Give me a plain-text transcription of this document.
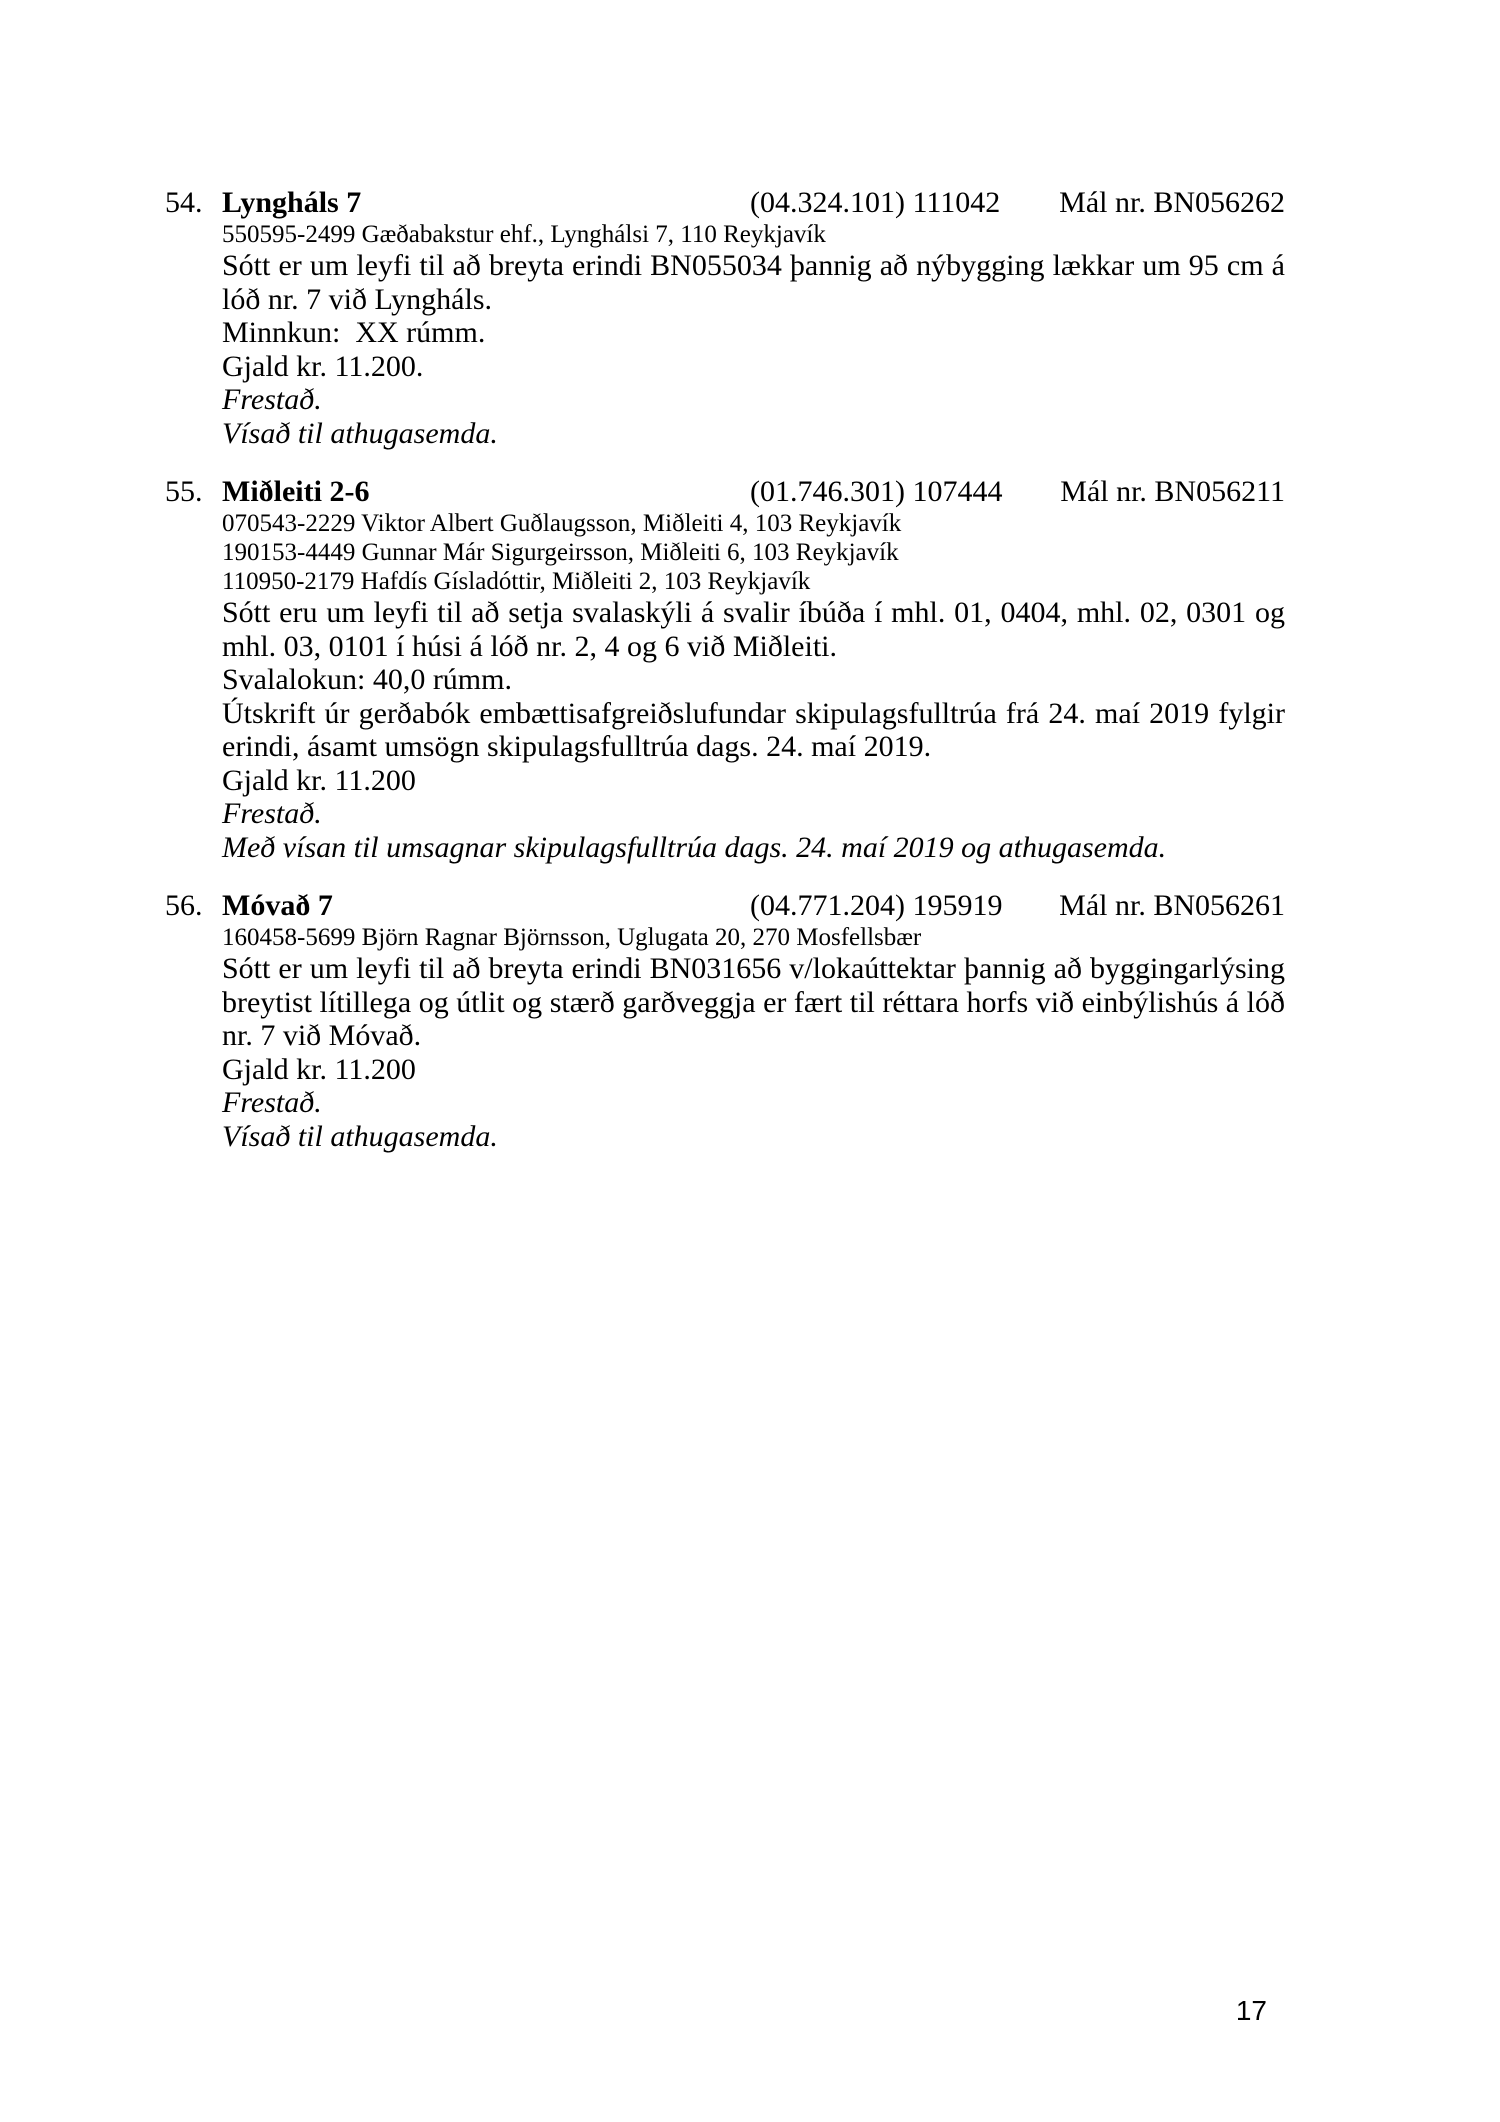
54. Lyngháls 7	(04.324.101) 111042 Mál nr. BN056262
550595-2499 Gæðabakstur ehf., Lynghálsi 7, 110 Reykjavík

Sótt er um leyfi til að breyta erindi BN055034 þannig að nýbygging lækkar um 95 cm á lóð nr. 7 við Lyngháls.

Minnkun:  XX rúmm.

Gjald kr. 11.200.

Frestað.

Vísað til athugasemda.

55. Miðleiti 2-6	(01.746.301) 107444 Mál nr. BN056211
070543-2229 Viktor Albert Guðlaugsson, Miðleiti 4, 103 Reykjavík
190153-4449 Gunnar Már Sigurgeirsson, Miðleiti 6, 103 Reykjavík
110950-2179 Hafdís Gísladóttir, Miðleiti 2, 103 Reykjavík

Sótt eru um leyfi til að setja svalaskýli á svalir íbúða í mhl. 01, 0404, mhl. 02, 0301 og mhl. 03, 0101 í húsi á lóð nr. 2, 4 og 6 við Miðleiti.

Svalalokun: 40,0 rúmm.

Útskrift úr gerðabók embættisafgreiðslufundar skipulagsfulltrúa frá 24. maí 2019 fylgir erindi, ásamt umsögn skipulagsfulltrúa dags. 24. maí 2019.

Gjald kr. 11.200

Frestað.

Með vísan til umsagnar skipulagsfulltrúa dags. 24. maí 2019 og athugasemda.

56. Móvað 7	(04.771.204) 195919 Mál nr. BN056261
160458-5699 Björn Ragnar Björnsson, Uglugata 20, 270 Mosfellsbær

Sótt er um leyfi til að breyta erindi BN031656 v/lokaúttektar þannig að byggingarlýsing breytist lítillega og útlit og stærð garðveggja er fært til réttara horfs við einbýlishús á lóð nr. 7 við Móvað.

Gjald kr. 11.200

Frestað.

Vísað til athugasemda.

17
